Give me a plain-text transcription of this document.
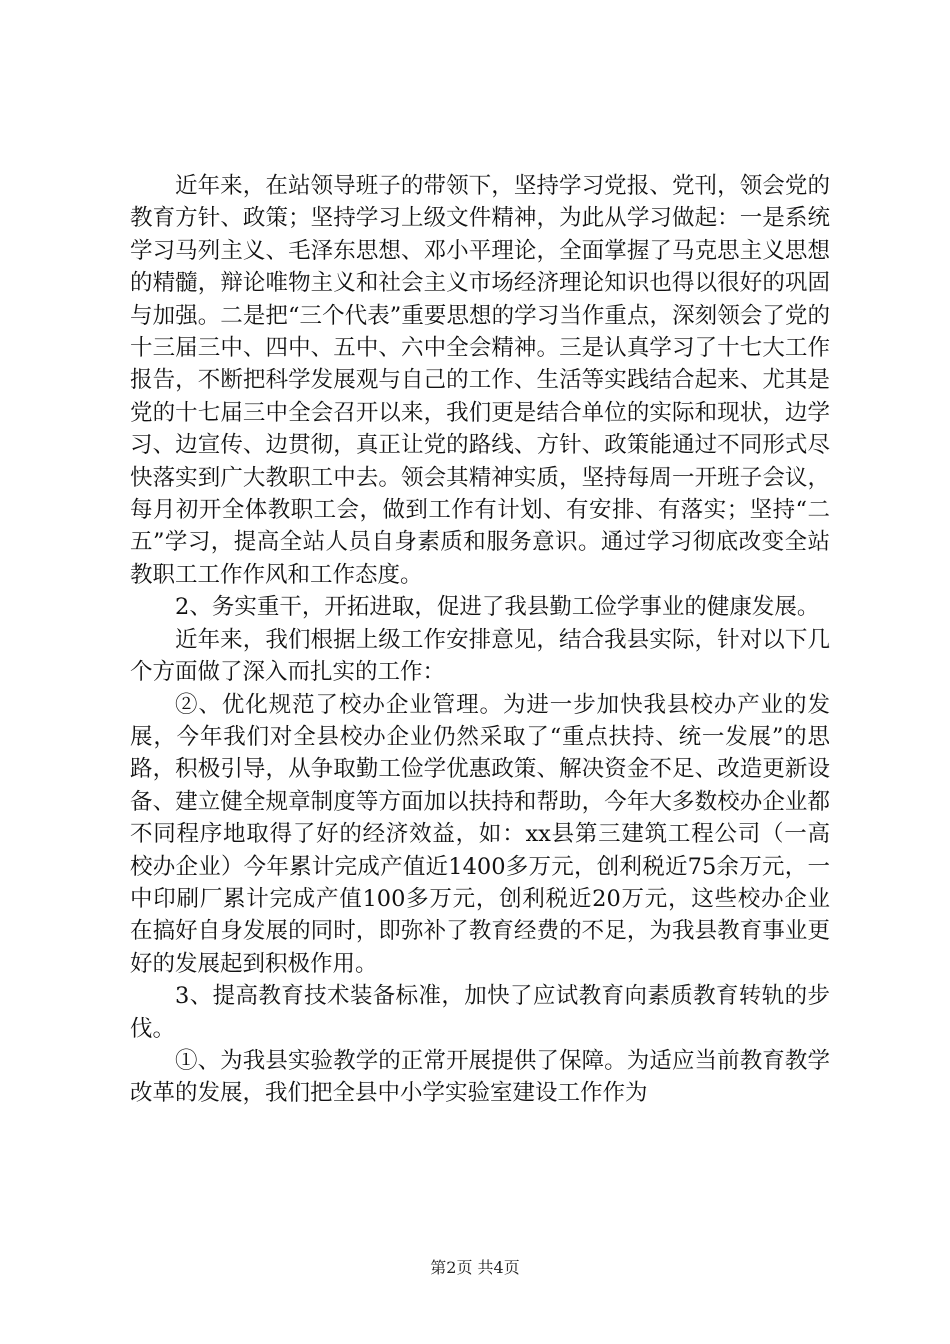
近年来，在站领导班子的带领下，坚持学习党报、党刊，领会党的教育方针、政策；坚持学习上级文件精神，为此从学习做起：一是系统学习马列主义、毛泽东思想、邓小平理论，全面掌握了马克思主义思想的精髓，辩论唯物主义和社会主义市场经济理论知识也得以很好的巩固与加强。二是把“三个代表”重要思想的学习当作重点，深刻领会了党的十三届三中、四中、五中、六中全会精神。三是认真学习了十七大工作报告，不断把科学发展观与自己的工作、生活等实践结合起来、尤其是党的十七届三中全会召开以来，我们更是结合单位的实际和现状，边学习、边宣传、边贯彻，真正让党的路线、方针、政策能通过不同形式尽快落实到广大教职工中去。领会其精神实质，坚持每周一开班子会议，每月初开全体教职工会，做到工作有计划、有安排、有落实；坚持“二五”学习，提高全站人员自身素质和服务意识。通过学习彻底改变全站教职工工作作风和工作态度。

2、务实重干，开拓进取，促进了我县勤工俭学事业的健康发展。

近年来，我们根据上级工作安排意见，结合我县实际，针对以下几个方面做了深入而扎实的工作：

②、优化规范了校办企业管理。为进一步加快我县校办产业的发展，今年我们对全县校办企业仍然采取了“重点扶持、统一发展”的思路，积极引导，从争取勤工俭学优惠政策、解决资金不足、改造更新设备、建立健全规章制度等方面加以扶持和帮助，今年大多数校办企业都不同程序地取得了好的经济效益，如：xx县第三建筑工程公司（一高校办企业）今年累计完成产值近1400多万元，创利税近75余万元，一中印刷厂累计完成产值100多万元，创利税近20万元，这些校办企业在搞好自身发展的同时，即弥补了教育经费的不足，为我县教育事业更好的发展起到积极作用。

3、提高教育技术装备标准，加快了应试教育向素质教育转轨的步伐。

①、为我县实验教学的正常开展提供了保障。为适应当前教育教学改革的发展，我们把全县中小学实验室建设工作作为

第2页 共4页
